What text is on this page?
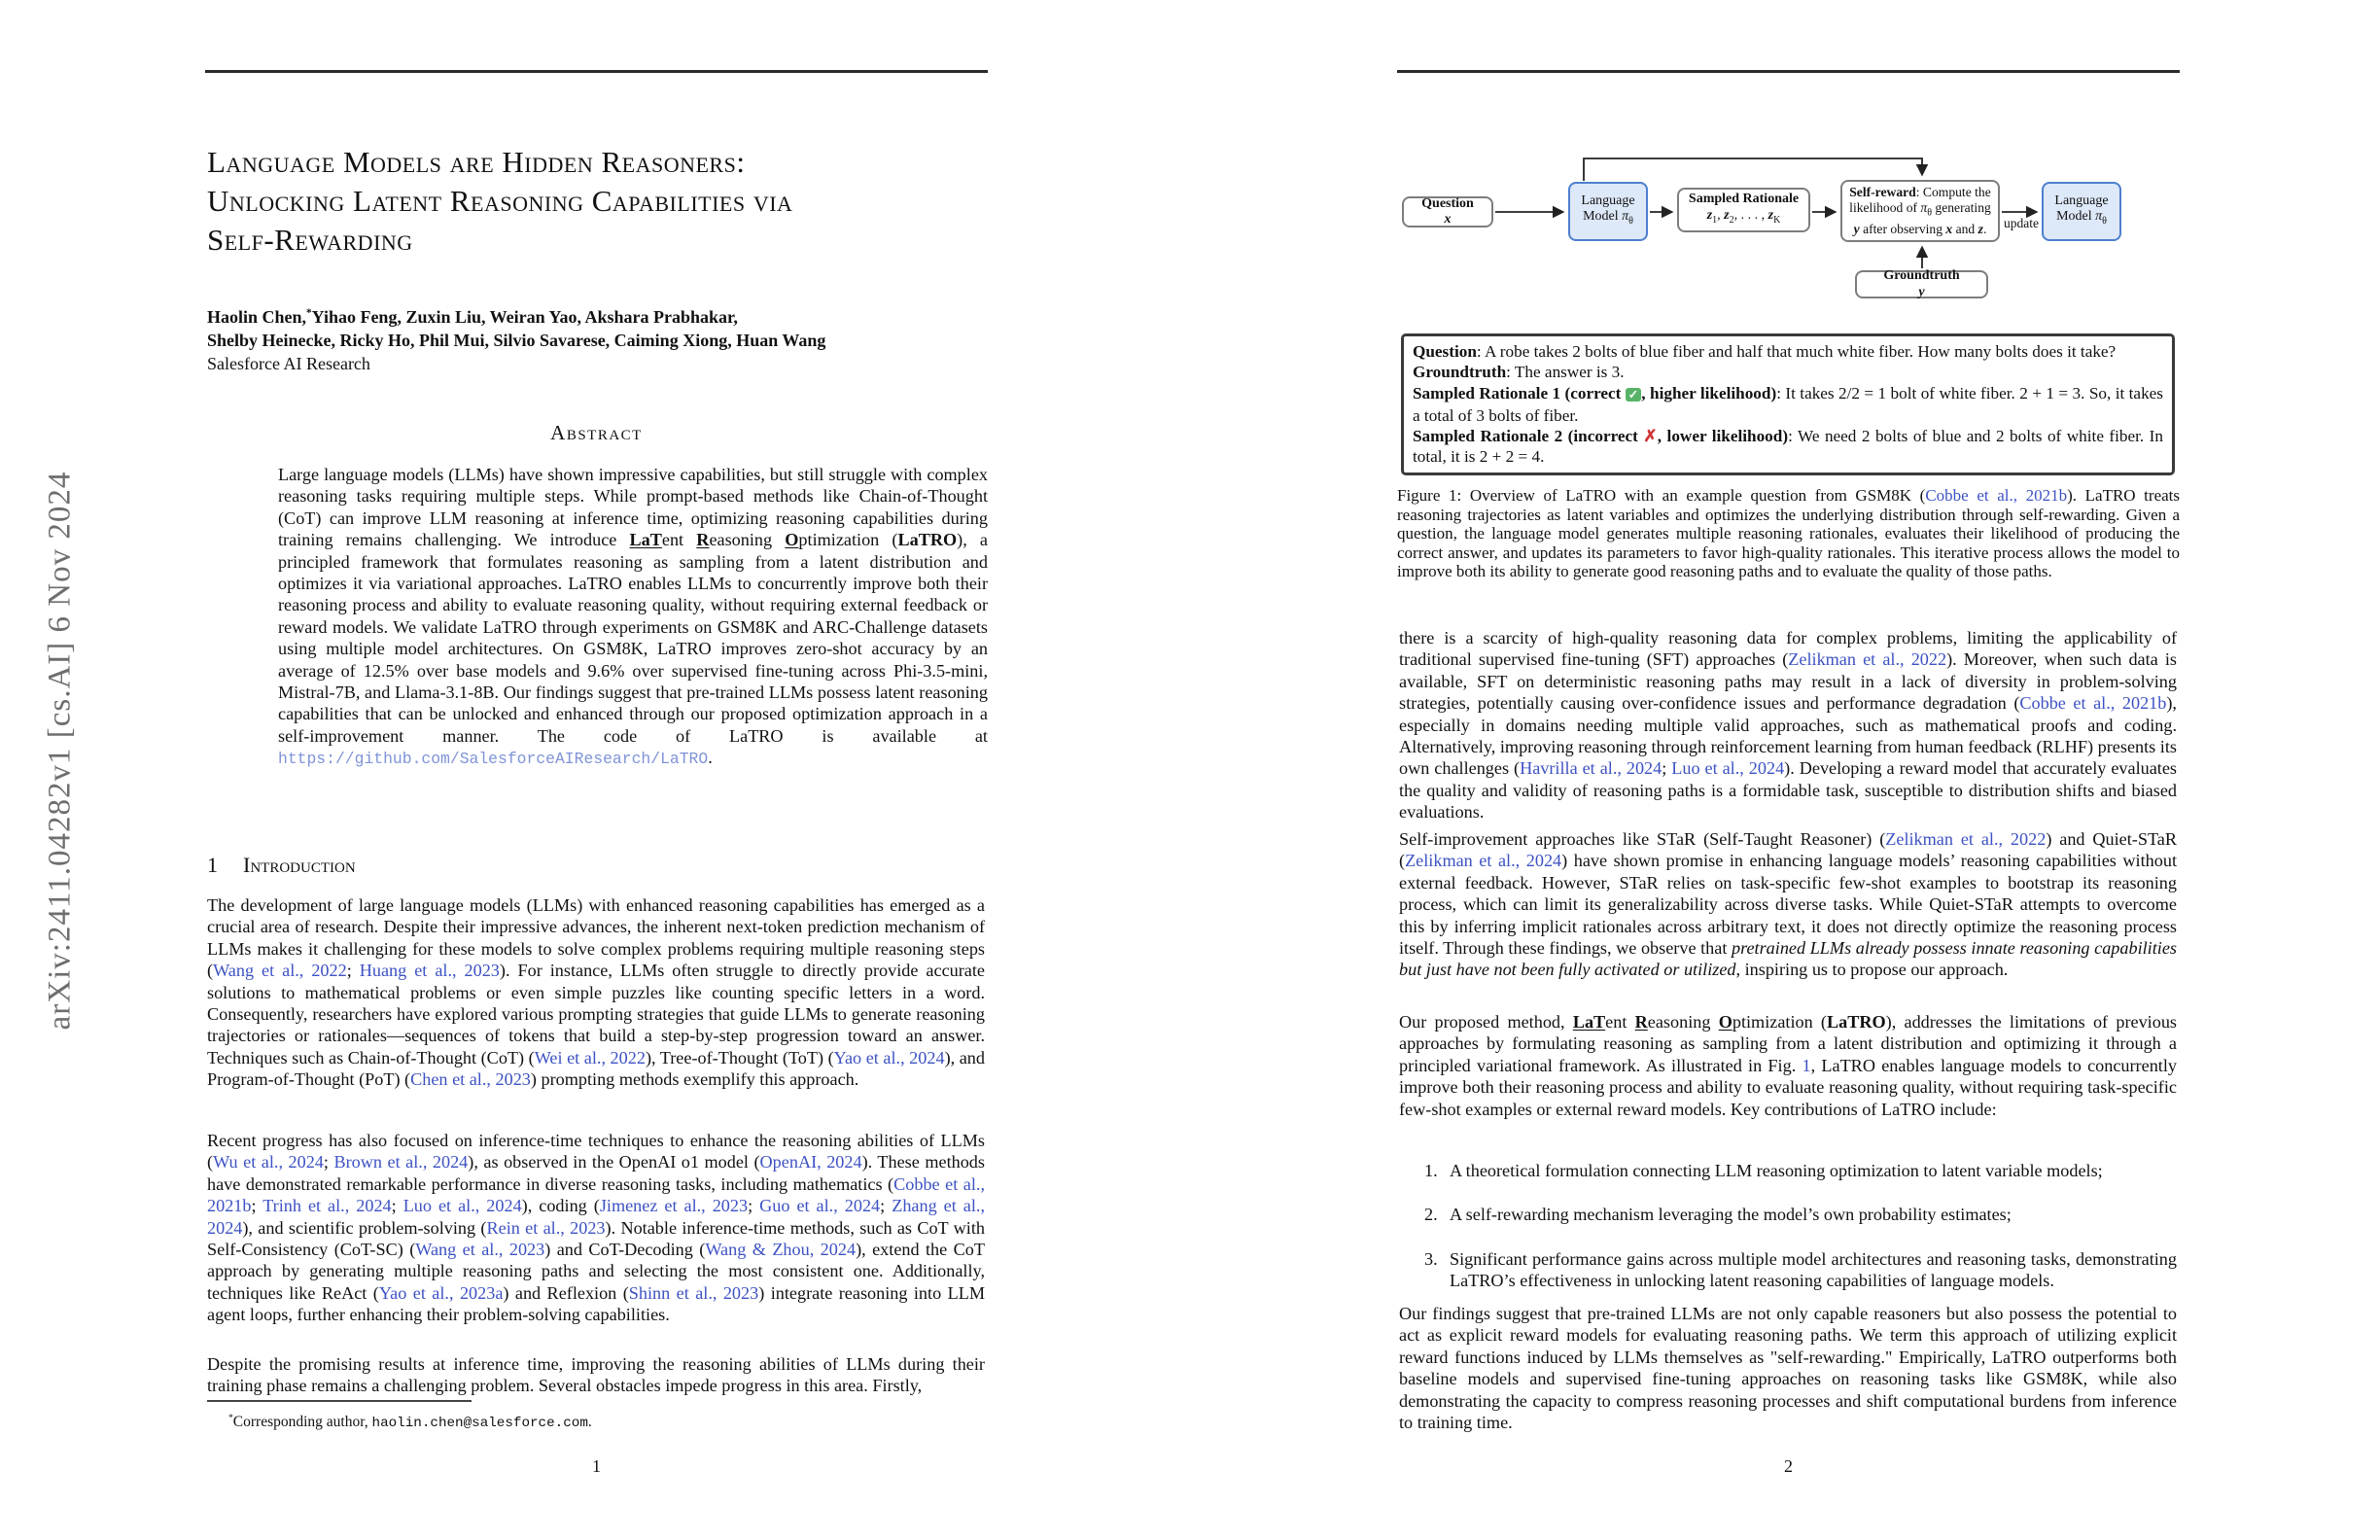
arXiv:2411.04282v1 [cs.AI] 6 Nov 2024
Language Models are Hidden Reasoners:
Unlocking Latent Reasoning Capabilities via
Self-Rewarding
Haolin Chen,*Yihao Feng, Zuxin Liu, Weiran Yao, Akshara Prabhakar,
Shelby Heinecke, Ricky Ho, Phil Mui, Silvio Savarese, Caiming Xiong, Huan Wang
Salesforce AI Research
Abstract
Large language models (LLMs) have shown impressive capabilities, but still struggle with complex reasoning tasks requiring multiple steps. While prompt-based methods like Chain-of-Thought (CoT) can improve LLM reasoning at inference time, optimizing reasoning capabilities during training remains challenging. We introduce LaTent Reasoning Optimization (LaTRO), a principled framework that formulates reasoning as sampling from a latent distribution and optimizes it via variational approaches. LaTRO enables LLMs to concurrently improve both their reasoning process and ability to evaluate reasoning quality, without requiring external feedback or reward models. We validate LaTRO through experiments on GSM8K and ARC-Challenge datasets using multiple model architectures. On GSM8K, LaTRO improves zero-shot accuracy by an average of 12.5% over base models and 9.6% over supervised fine-tuning across Phi-3.5-mini, Mistral-7B, and Llama-3.1-8B. Our findings suggest that pre-trained LLMs possess latent reasoning capabilities that can be unlocked and enhanced through our proposed optimization approach in a self-improvement manner. The code of LaTRO is available at https://github.com/SalesforceAIResearch/LaTRO.
1 Introduction

The development of large language models (LLMs) with enhanced reasoning capabilities has emerged as a crucial area of research. Despite their impressive advances, the inherent next-token prediction mechanism of LLMs makes it challenging for these models to solve complex problems requiring multiple reasoning steps (Wang et al., 2022; Huang et al., 2023). For instance, LLMs often struggle to directly provide accurate solutions to mathematical problems or even simple puzzles like counting specific letters in a word. Consequently, researchers have explored various prompting strategies that guide LLMs to generate reasoning trajectories or rationales—sequences of tokens that build a step-by-step progression toward an answer. Techniques such as Chain-of-Thought (CoT) (Wei et al., 2022), Tree-of-Thought (ToT) (Yao et al., 2024), and Program-of-Thought (PoT) (Chen et al., 2023) prompting methods exemplify this approach.

Recent progress has also focused on inference-time techniques to enhance the reasoning abilities of LLMs (Wu et al., 2024; Brown et al., 2024), as observed in the OpenAI o1 model (OpenAI, 2024). These methods have demonstrated remarkable performance in diverse reasoning tasks, including mathematics (Cobbe et al., 2021b; Trinh et al., 2024; Luo et al., 2024), coding (Jimenez et al., 2023; Guo et al., 2024; Zhang et al., 2024), and scientific problem-solving (Rein et al., 2023). Notable inference-time methods, such as CoT with Self-Consistency (CoT-SC) (Wang et al., 2023) and CoT-Decoding (Wang & Zhou, 2024), extend the CoT approach by generating multiple reasoning paths and selecting the most consistent one. Additionally, techniques like ReAct (Yao et al., 2023a) and Reflexion (Shinn et al., 2023) integrate reasoning into LLM agent loops, further enhancing their problem-solving capabilities.

Despite the promising results at inference time, improving the reasoning abilities of LLMs during their training phase remains a challenging problem. Several obstacles impede progress in this area. Firstly,

*Corresponding author, haolin.chen@salesforce.com.
1
Question
x
Language
Model $\pi_\theta$
Sampled Rationale
$z_1$, $z_2$, . . . , $z_K$
Self-reward: Compute the likelihood of $\pi_\theta$ generating y after observing x and z.	update
Language
Model $\pi_\theta$
Groundtruth
y
Question: A robe takes 2 bolts of blue fiber and half that much white fiber. How many bolts does it take?
Groundtruth: The answer is 3.
Sampled Rationale 1 (correct ✓ , higher likelihood): It takes 2/2 = 1 bolt of white fiber. 2 + 1 = 3. So, it takes a total of 3 bolts of fiber.
Sampled Rationale 2 (incorrect ✗, lower likelihood): We need 2 bolts of blue and 2 bolts of white fiber. In total, it is 2 + 2 = 4.
Figure 1: Overview of LaTRO with an example question from GSM8K (Cobbe et al., 2021b). LaTRO treats reasoning trajectories as latent variables and optimizes the underlying distribution through self-rewarding. Given a question, the language model generates multiple reasoning rationales, evaluates their likelihood of producing the correct answer, and updates its parameters to favor high-quality rationales. This iterative process allows the model to improve both its ability to generate good reasoning paths and to evaluate the quality of those paths.

there is a scarcity of high-quality reasoning data for complex problems, limiting the applicability of traditional supervised fine-tuning (SFT) approaches (Zelikman et al., 2022). Moreover, when such data is available, SFT on deterministic reasoning paths may result in a lack of diversity in problem-solving strategies, potentially causing over-confidence issues and performance degradation (Cobbe et al., 2021b), especially in domains needing multiple valid approaches, such as mathematical proofs and coding. Alternatively, improving reasoning through reinforcement learning from human feedback (RLHF) presents its own challenges (Havrilla et al., 2024; Luo et al., 2024). Developing a reward model that accurately evaluates the quality and validity of reasoning paths is a formidable task, susceptible to distribution shifts and biased evaluations.

Self-improvement approaches like STaR (Self-Taught Reasoner) (Zelikman et al., 2022) and Quiet-STaR (Zelikman et al., 2024) have shown promise in enhancing language models’ reasoning capabilities without external feedback. However, STaR relies on task-specific few-shot examples to bootstrap its reasoning process, which can limit its generalizability across diverse tasks. While Quiet-STaR attempts to overcome this by inferring implicit rationales across arbitrary text, it does not directly optimize the reasoning process itself. Through these findings, we observe that pretrained LLMs already possess innate reasoning capabilities but just have not been fully activated or utilized, inspiring us to propose our approach.

Our proposed method, LaTent Reasoning Optimization (LaTRO), addresses the limitations of previous approaches by formulating reasoning as sampling from a latent distribution and optimizing it through a principled variational framework. As illustrated in Fig. 1, LaTRO enables language models to concurrently improve both their reasoning process and ability to evaluate reasoning quality, without requiring task-specific few-shot examples or external reward models. Key contributions of LaTRO include:

1. A theoretical formulation connecting LLM reasoning optimization to latent variable models;
2. A self-rewarding mechanism leveraging the model’s own probability estimates;
3. Significant performance gains across multiple model architectures and reasoning tasks, demonstrating LaTRO’s effectiveness in unlocking latent reasoning capabilities of language models.

Our findings suggest that pre-trained LLMs are not only capable reasoners but also possess the potential to act as explicit reward models for evaluating reasoning paths. We term this approach of utilizing explicit reward functions induced by LLMs themselves as "self-rewarding." Empirically, LaTRO outperforms both baseline models and supervised fine-tuning approaches on reasoning tasks like GSM8K, while also demonstrating the capacity to compress reasoning processes and shift computational burdens from inference to training time.

2
